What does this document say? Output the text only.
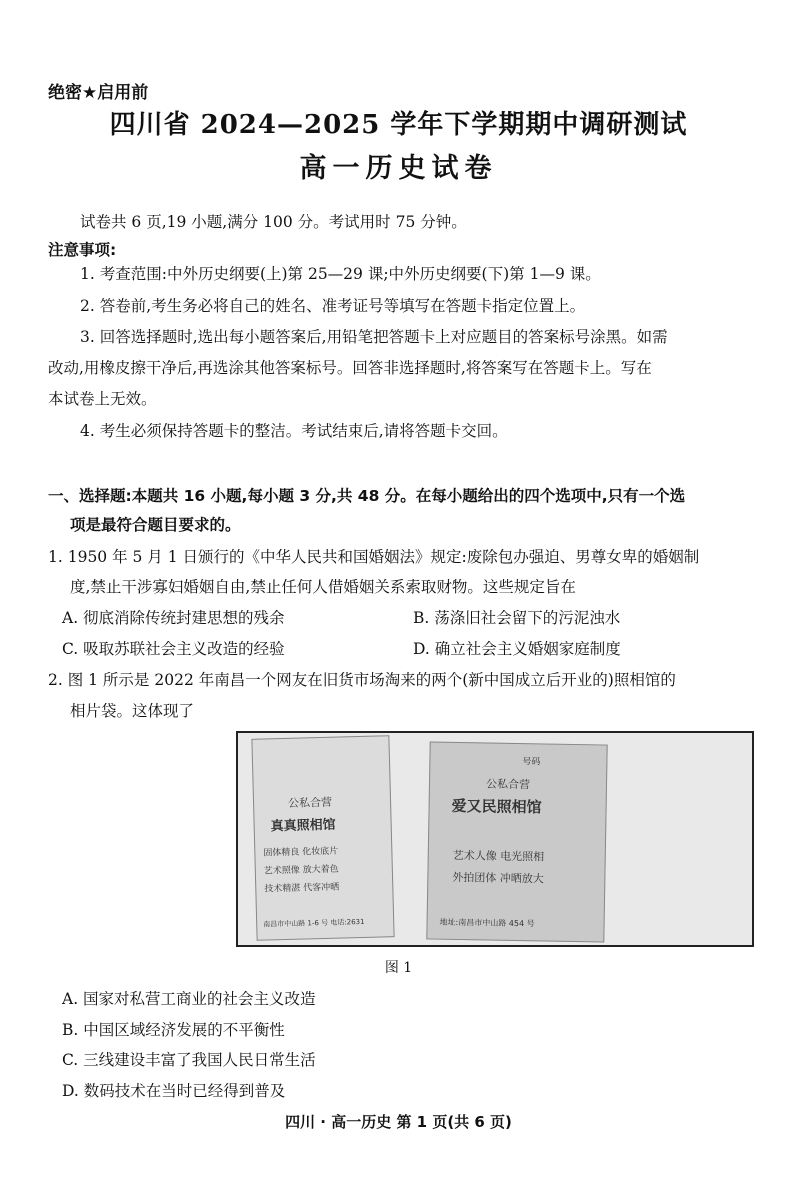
绝密★启用前
四川省 2024—2025 学年下学期期中调研测试
高一历史试卷
试卷共 6 页,19 小题,满分 100 分。考试用时 75 分钟。
注意事项:
1. 考查范围:中外历史纲要(上)第 25—29 课;中外历史纲要(下)第 1—9 课。
2. 答卷前,考生务必将自己的姓名、准考证号等填写在答题卡指定位置上。
3. 回答选择题时,选出每小题答案后,用铅笔把答题卡上对应题目的答案标号涂黑。如需
改动,用橡皮擦干净后,再选涂其他答案标号。回答非选择题时,将答案写在答题卡上。写在
本试卷上无效。
4. 考生必须保持答题卡的整洁。考试结束后,请将答题卡交回。
一、选择题:本题共 16 小题,每小题 3 分,共 48 分。在每小题给出的四个选项中,只有一个选
项是最符合题目要求的。
1. 1950 年 5 月 1 日颁行的《中华人民共和国婚姻法》规定:废除包办强迫、男尊女卑的婚姻制
度,禁止干涉寡妇婚姻自由,禁止任何人借婚姻关系索取财物。这些规定旨在
A. 彻底消除传统封建思想的残余	B. 荡涤旧社会留下的污泥浊水
C. 吸取苏联社会主义改造的经验	D. 确立社会主义婚姻家庭制度
2. 图 1 所示是 2022 年南昌一个网友在旧货市场淘来的两个(新中国成立后开业的)照相馆的
相片袋。这体现了
公私合营
真真照相馆
固体精良 化妆底片
艺术照像 放大着色
技术精湛 代客冲晒
南昌市中山路 1-6 号 电话:2631
号码
公私合营
爱又民照相馆
艺术人像 电光照相
外拍团体 冲晒放大
地址:南昌市中山路 454 号
图 1
A. 国家对私营工商业的社会主义改造
B. 中国区域经济发展的不平衡性
C. 三线建设丰富了我国人民日常生活
D. 数码技术在当时已经得到普及
四川 · 高一历史 第 1 页(共 6 页)
